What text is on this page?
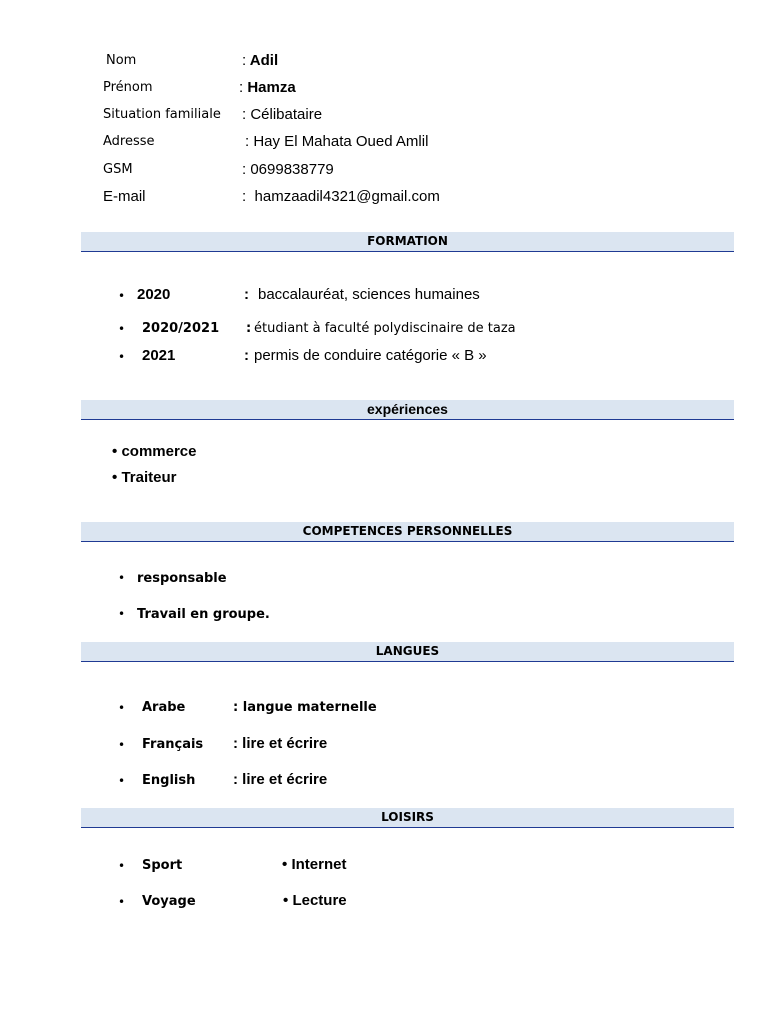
Nom	: Adil
Prénom	: Hamza
Situation familiale : Célibataire
Adresse	: Hay El Mahata Oued Amlil
GSM	: 0699838779
E-mail	: hamzaadil4321@gmail.com
FORMATION
• 2020	: baccalauréat, sciences humaines
• 2020/2021 : étudiant à faculté polydiscinaire de taza
• 2021	: permis de conduire catégorie « B »
expériences
• commerce
• Traiteur
COMPETENCES PERSONNELLES
• responsable
• Travail en groupe.
LANGUES
• Arabe	: langue maternelle
• Français : lire et écrire
• English	: lire et écrire
LOISIRS
• Sport	• Internet
• Voyage	• Lecture
